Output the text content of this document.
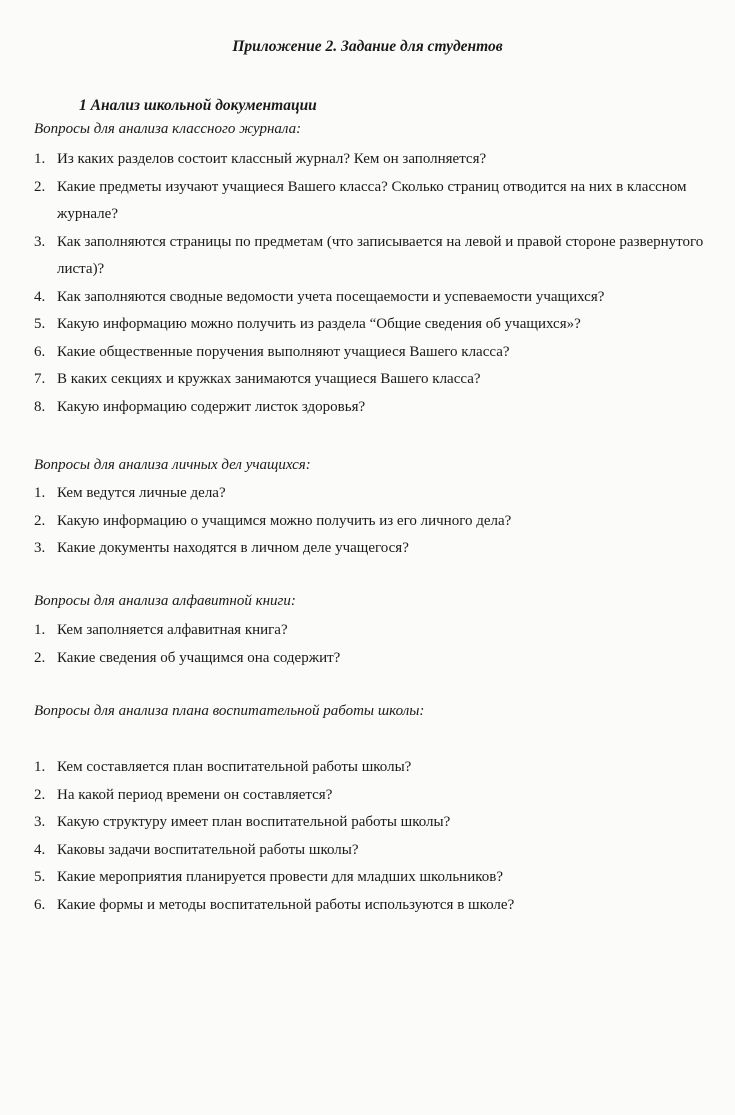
Приложение 2. Задание для студентов
1 Анализ школьной документации
Вопросы для анализа классного журнала:
1. Из каких разделов состоит классный журнал? Кем он заполняется?
2. Какие предметы изучают учащиеся Вашего класса? Сколько страниц отводится на них в классном журнале?
3. Как заполняются страницы по предметам (что записывается на левой и правой стороне развернутого листа)?
4. Как заполняются сводные ведомости учета посещаемости и успеваемости учащихся?
5. Какую информацию можно получить из раздела “Общие сведения об учащихся»?
6. Какие общественные поручения выполняют учащиеся Вашего класса?
7. В каких секциях и кружках занимаются учащиеся Вашего класса?
8. Какую информацию содержит листок здоровья?
Вопросы для анализа личных дел учащихся:
1. Кем ведутся личные дела?
2. Какую информацию о учащимся можно получить из его личного дела?
3. Какие документы находятся в личном деле учащегося?
Вопросы для анализа алфавитной книги:
1. Кем заполняется алфавитная книга?
2. Какие сведения об учащимся она содержит?
Вопросы для анализа плана воспитательной работы школы:
1. Кем составляется план воспитательной работы школы?
2. На какой период времени он составляется?
3. Какую структуру имеет план воспитательной работы школы?
4. Каковы задачи воспитательной работы школы?
5. Какие мероприятия планируется провести для младших школьников?
6. Какие формы и методы воспитательной работы используются в школе?
